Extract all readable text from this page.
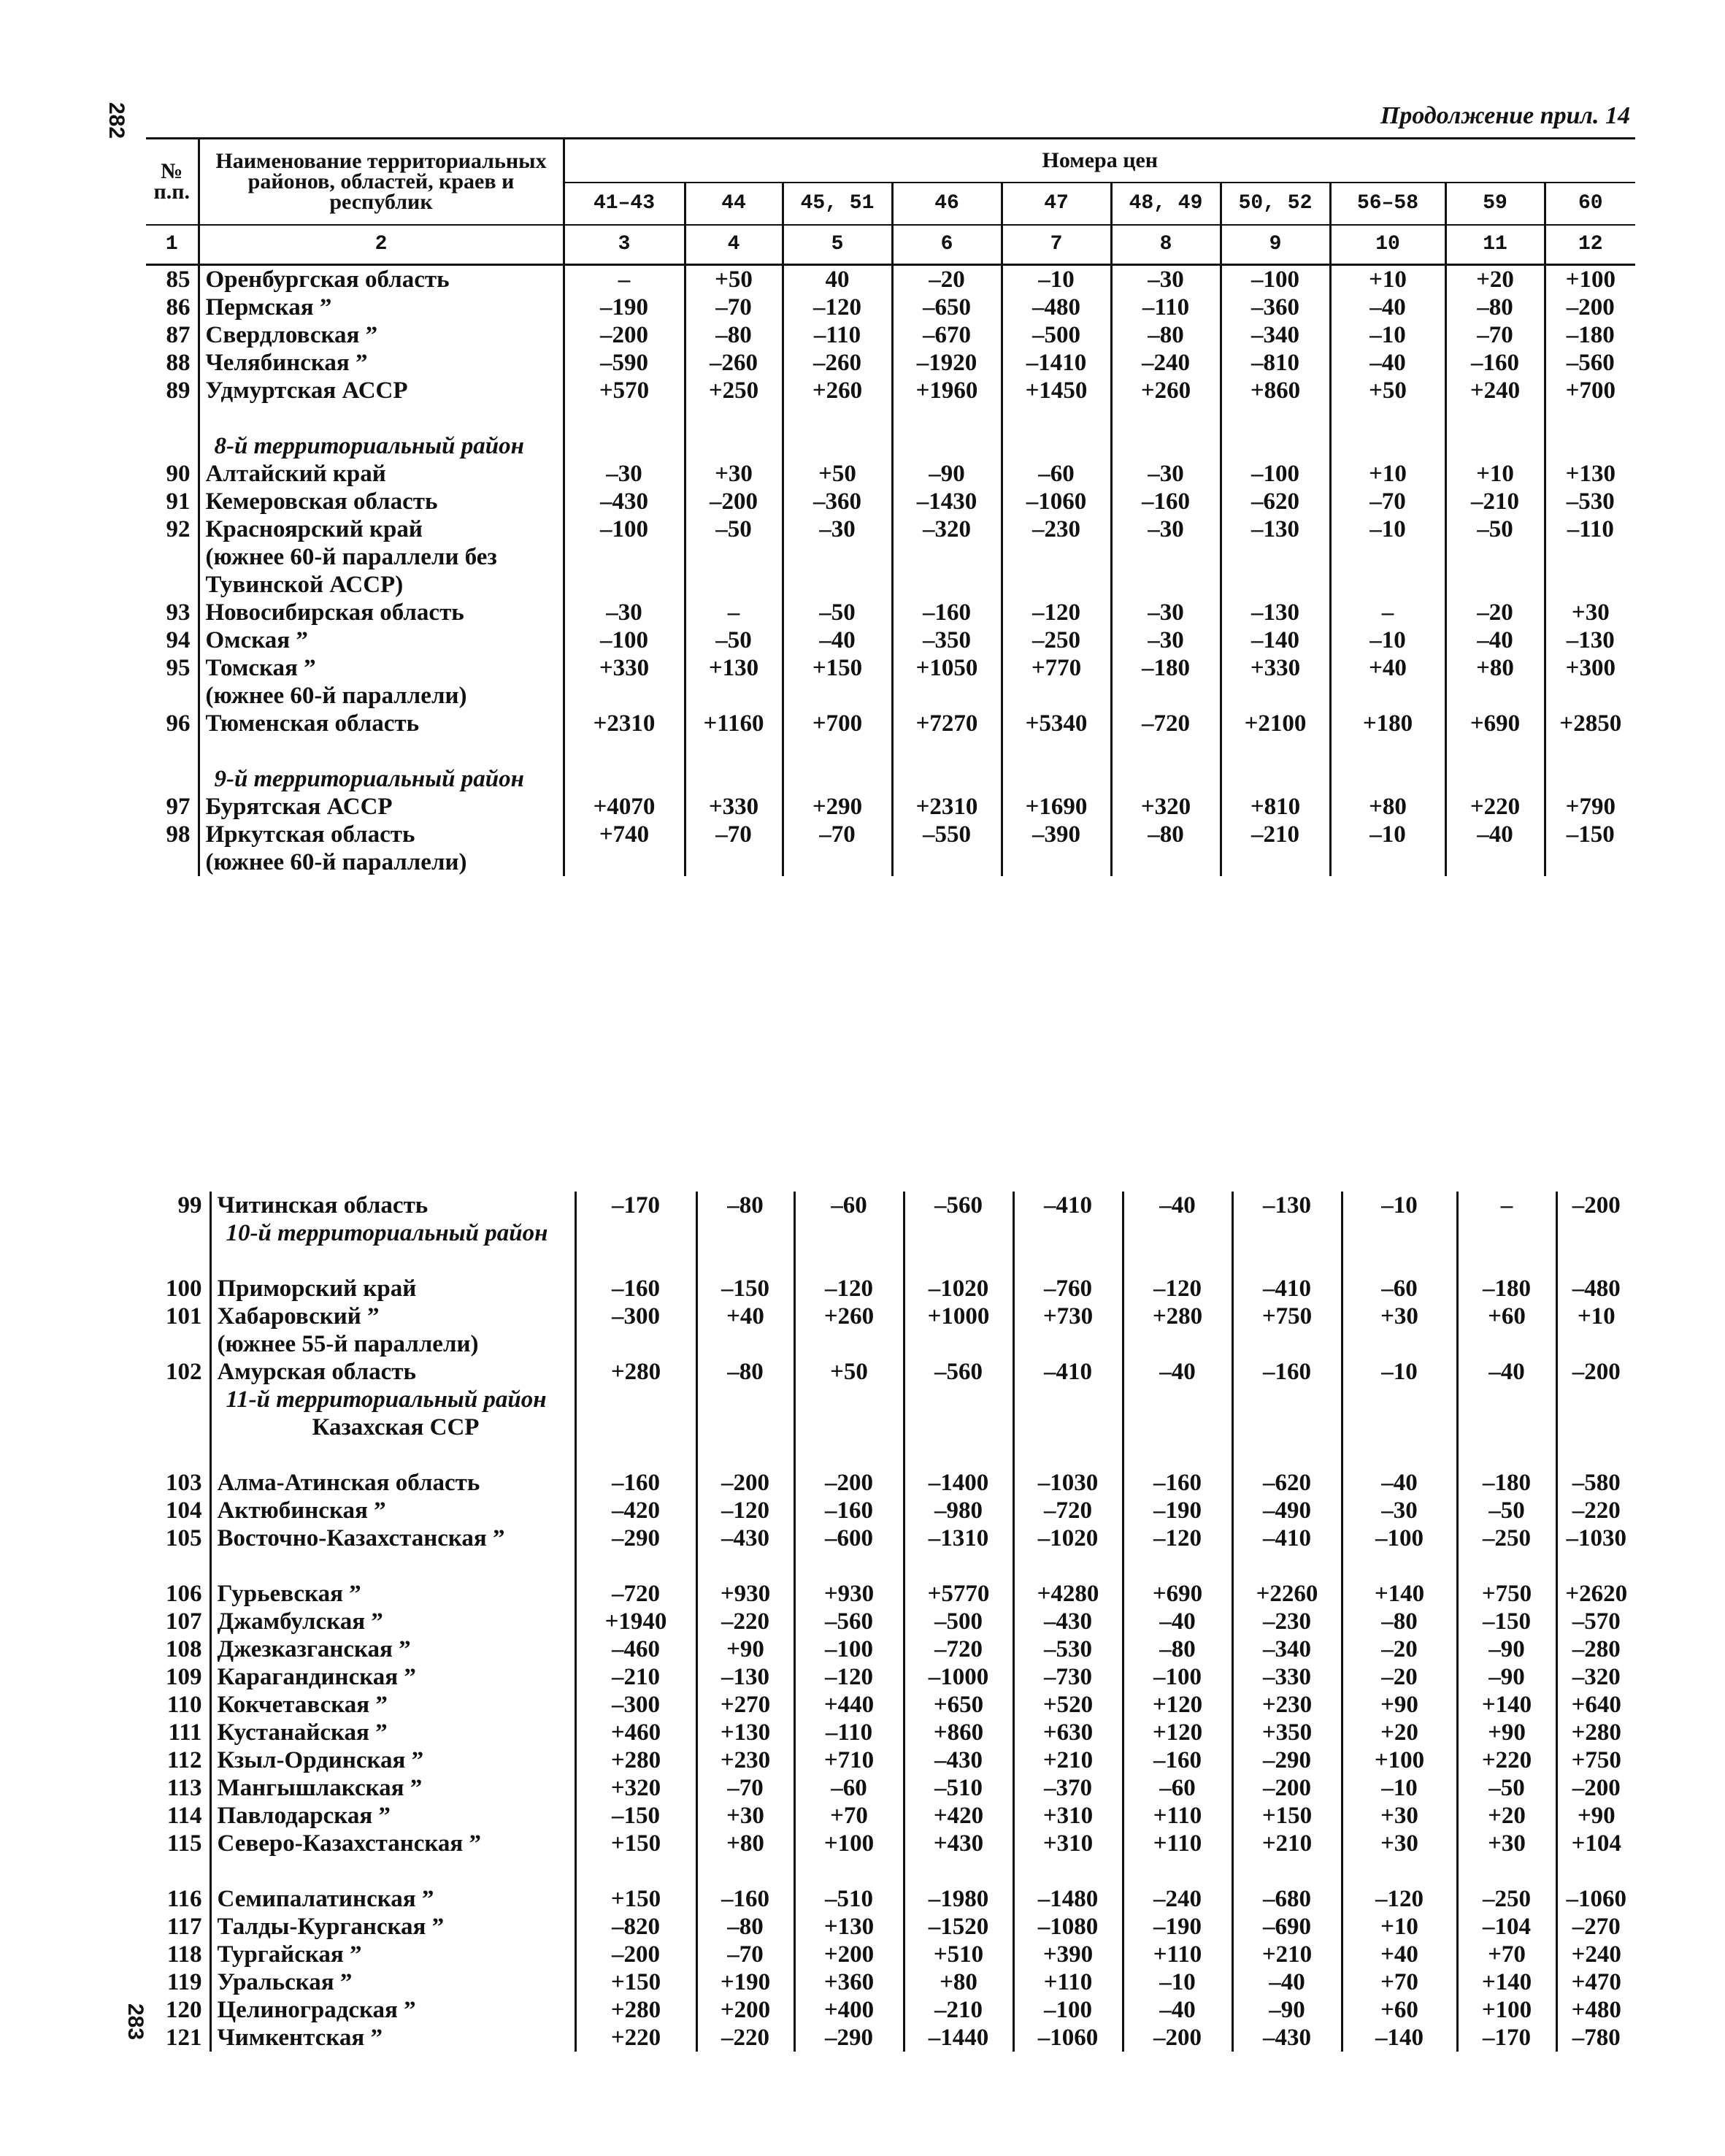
282
283
Продолжение прил. 14
№ п.п.	Наименование территориальных районов, областей, краев и республик	Номера цен									
		41–43	44	45, 51	46	47	48, 49	50, 52	56–58	59	60
1	2	3	4	5	6	7	8	9	10	11	12
85	Оренбургская область	–	+50	40	–20	–10	–30	–100	+10	+20	+100
86	Пермская ”	–190	–70	–120	–650	–480	–110	–360	–40	–80	–200
87	Свердловская ”	–200	–80	–110	–670	–500	–80	–340	–10	–70	–180
88	Челябинская ”	–590	–260	–260	–1920	–1410	–240	–810	–40	–160	–560
89	Удмуртская АССР	+570	+250	+260	+1960	+1450	+260	+860	+50	+240	+700

	8-й территориальный район										
90	Алтайский край	–30	+30	+50	–90	–60	–30	–100	+10	+10	+130
91	Кемеровская область	–430	–200	–360	–1430	–1060	–160	–620	–70	–210	–530
92	Красноярский край	–100	–50	–30	–320	–230	–30	–130	–10	–50	–110
	(южнее 60-й параллели без										
	Тувинской АССР)										
93	Новосибирская область	–30	–	–50	–160	–120	–30	–130	–	–20	+30
94	Омская ”	–100	–50	–40	–350	–250	–30	–140	–10	–40	–130
95	Томская ”	+330	+130	+150	+1050	+770	–180	+330	+40	+80	+300
	(южнее 60-й параллели)										
96	Тюменская область	+2310	+1160	+700	+7270	+5340	–720	+2100	+180	+690	+2850

	9-й территориальный район										
97	Бурятская АССР	+4070	+330	+290	+2310	+1690	+320	+810	+80	+220	+790
98	Иркутская область	+740	–70	–70	–550	–390	–80	–210	–10	–40	–150
	(южнее 60-й параллели)										
99	Читинская область	–170	–80	–60	–560	–410	–40	–130	–10	–	–200
	10-й территориальный район										

100	Приморский край	–160	–150	–120	–1020	–760	–120	–410	–60	–180	–480
101	Хабаровский ”	–300	+40	+260	+1000	+730	+280	+750	+30	+60	+10
	(южнее 55-й параллели)										
102	Амурская область	+280	–80	+50	–560	–410	–40	–160	–10	–40	–200
	11-й территориальный район										
	Казахская ССР										

103	Алма-Атинская область	–160	–200	–200	–1400	–1030	–160	–620	–40	–180	–580
104	Актюбинская ”	–420	–120	–160	–980	–720	–190	–490	–30	–50	–220
105	Восточно-Казахстанская ”	–290	–430	–600	–1310	–1020	–120	–410	–100	–250	–1030

106	Гурьевская ”	–720	+930	+930	+5770	+4280	+690	+2260	+140	+750	+2620
107	Джамбулская ”	+1940	–220	–560	–500	–430	–40	–230	–80	–150	–570
108	Джезказганская ”	–460	+90	–100	–720	–530	–80	–340	–20	–90	–280
109	Карагандинская ”	–210	–130	–120	–1000	–730	–100	–330	–20	–90	–320
110	Кокчетавская ”	–300	+270	+440	+650	+520	+120	+230	+90	+140	+640
111	Кустанайская ”	+460	+130	–110	+860	+630	+120	+350	+20	+90	+280
112	Кзыл-Ординская ”	+280	+230	+710	–430	+210	–160	–290	+100	+220	+750
113	Мангышлакская ”	+320	–70	–60	–510	–370	–60	–200	–10	–50	–200
114	Павлодарская ”	–150	+30	+70	+420	+310	+110	+150	+30	+20	+90
115	Северо-Казахстанская ”	+150	+80	+100	+430	+310	+110	+210	+30	+30	+104

116	Семипалатинская ”	+150	–160	–510	–1980	–1480	–240	–680	–120	–250	–1060
117	Талды-Курганская ”	–820	–80	+130	–1520	–1080	–190	–690	+10	–104	–270
118	Тургайская ”	–200	–70	+200	+510	+390	+110	+210	+40	+70	+240
119	Уральская ”	+150	+190	+360	+80	+110	–10	–40	+70	+140	+470
120	Целиноградская ”	+280	+200	+400	–210	–100	–40	–90	+60	+100	+480
121	Чимкентская ”	+220	–220	–290	–1440	–1060	–200	–430	–140	–170	–780
